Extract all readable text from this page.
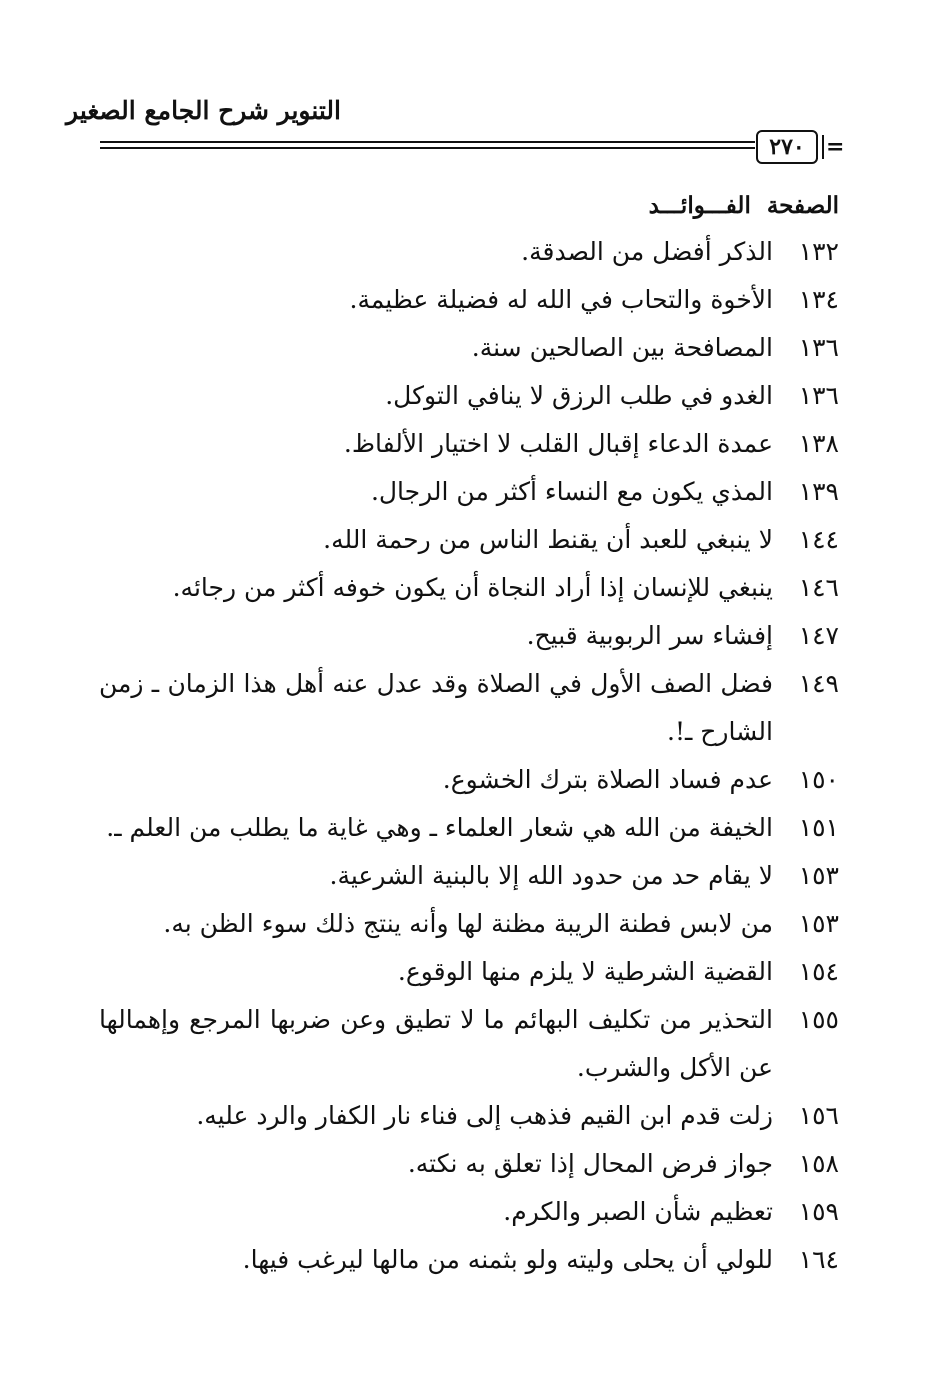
التنوير شرح الجامع الصغير
٢٧٠ =
الصفحةالفـــوائـــد
١٣٢
الذكر أفضل من الصدقة.
١٣٤
الأخوة والتحاب في الله له فضيلة عظيمة.
١٣٦
المصافحة بين الصالحين سنة.
١٣٦
الغدو في طلب الرزق لا ينافي التوكل.
١٣٨
عمدة الدعاء إقبال القلب لا اختيار الألفاظ.
١٣٩
المذي يكون مع النساء أكثر من الرجال.
١٤٤
لا ينبغي للعبد أن يقنط الناس من رحمة الله.
١٤٦
ينبغي للإنسان إذا أراد النجاة أن يكون خوفه أكثر من رجائه.
١٤٧
إفشاء سر الربوبية قبيح.
١٤٩
فضل الصف الأول في الصلاة وقد عدل عنه أهل هذا الزمان ـ زمن الشارح ـ!.
١٥٠
عدم فساد الصلاة بترك الخشوع.
١٥١
الخيفة من الله هي شعار العلماء ـ وهي غاية ما يطلب من العلم ـ.
١٥٣
لا يقام حد من حدود الله إلا بالبنية الشرعية.
١٥٣
من لابس فطنة الريبة مظنة لها وأنه ينتج ذلك سوء الظن به.
١٥٤
القضية الشرطية لا يلزم منها الوقوع.
١٥٥
التحذير من تكليف البهائم ما لا تطيق وعن ضربها المرجع وإهمالها عن الأكل والشرب.
١٥٦
زلت قدم ابن القيم فذهب إلى فناء نار الكفار والرد عليه.
١٥٨
جواز فرض المحال إذا تعلق به نكته.
١٥٩
تعظيم شأن الصبر والكرم.
١٦٤
للولي أن يحلى وليته ولو بثمنه من مالها ليرغب فيها.
